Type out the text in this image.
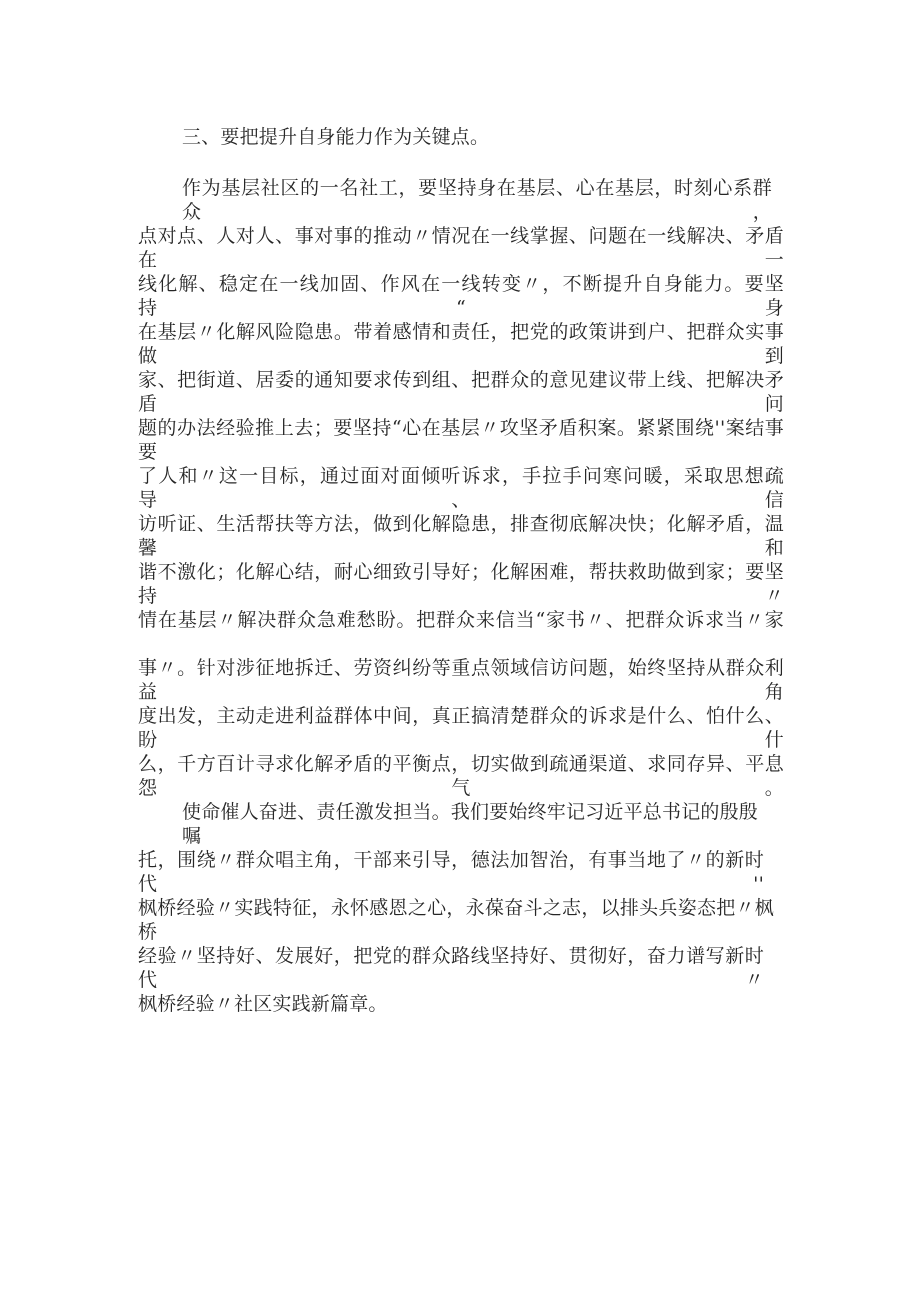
三、要把提升自身能力作为关键点。

作为基层社区的一名社工，要坚持身在基层、心在基层，时刻心系群众，

点对点、人对人、事对事的推动〃情况在一线掌握、问题在一线解决、矛盾在一

线化解、稳定在一线加固、作风在一线转变〃，不断提升自身能力。要坚持“身

在基层〃化解风险隐患。带着感情和责任，把党的政策讲到户、把群众实事做到

家、把街道、居委的通知要求传到组、把群众的意见建议带上线、把解决矛盾问

题的办法经验推上去；要坚持“心在基层〃攻坚矛盾积案。紧紧围绕''案结事要

了人和〃这一目标，通过面对面倾听诉求，手拉手问寒问暖，采取思想疏导、信

访听证、生活帮扶等方法，做到化解隐患，排查彻底解决快；化解矛盾，温馨和

谐不激化；化解心结，耐心细致引导好；化解困难，帮扶救助做到家；要坚持〃

情在基层〃解决群众急难愁盼。把群众来信当“家书〃、把群众诉求当〃家

事〃。针对涉征地拆迁、劳资纠纷等重点领域信访问题，始终坚持从群众利益角

度出发，主动走进利益群体中间，真正搞清楚群众的诉求是什么、怕什么、盼什

么，千方百计寻求化解矛盾的平衡点，切实做到疏通渠道、求同存异、平息怨气。

使命催人奋进、责任激发担当。我们要始终牢记习近平总书记的殷殷嘱

托，围绕〃群众唱主角，干部来引导，德法加智治，有事当地了〃的新时代''

枫桥经验〃实践特征，永怀感恩之心，永葆奋斗之志，以排头兵姿态把〃枫桥

经验〃坚持好、发展好，把党的群众路线坚持好、贯彻好，奋力谱写新时代〃

枫桥经验〃社区实践新篇章。
